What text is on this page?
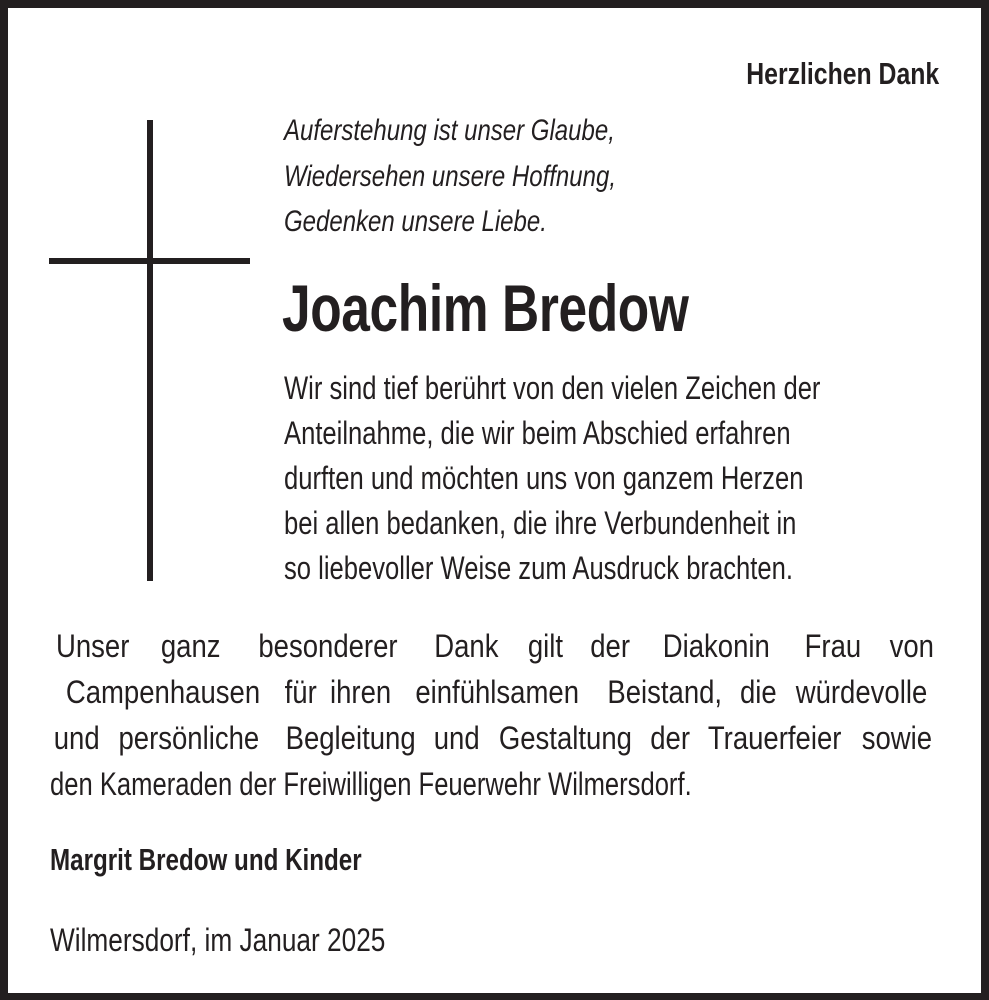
Herzlichen Dank
Auferstehung ist unser Glaube,
Wiedersehen unsere Hoffnung,
Gedenken unsere Liebe.
Joachim Bredow
Wir sind tief berührt von den vielen Zeichen der
Anteilnahme, die wir beim Abschied erfahren
durften und möchten uns von ganzem Herzen
bei allen bedanken, die ihre Verbundenheit in
so liebevoller Weise zum Ausdruck brachten.
Unser ganz besonderer Dank gilt der Diakonin Frau von
Campenhausen für ihren einfühlsamen Beistand, die würdevolle
und persönliche Begleitung und Gestaltung der Trauerfeier sowie
den Kameraden der Freiwilligen Feuerwehr Wilmersdorf.
Margrit Bredow und Kinder
Wilmersdorf, im Januar 2025
